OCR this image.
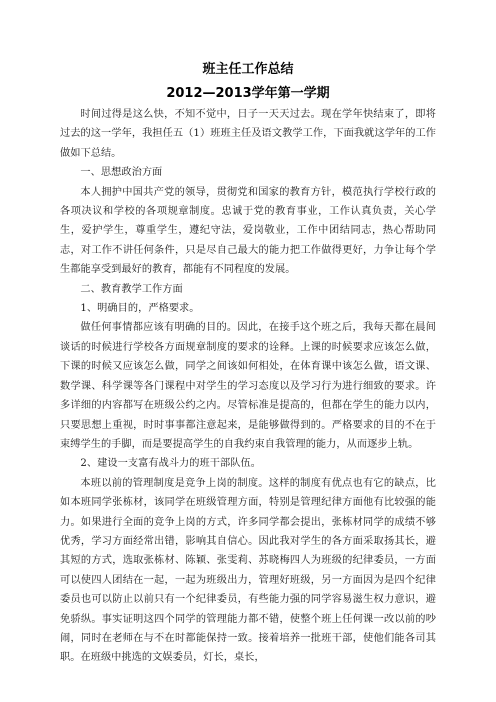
班主任工作总结
2012—2013学年第一学期

时间过得是这么快，不知不觉中，日子一天天过去。现在学年快结束了，即将过去的这一学年，我担任五（1）班班主任及语文教学工作，下面我就这学年的工作做如下总结。

一、思想政治方面

本人拥护中国共产党的领导，贯彻党和国家的教育方针，模范执行学校行政的各项决议和学校的各项规章制度。忠诚于党的教育事业，工作认真负责，关心学生，爱护学生，尊重学生，遵纪守法，爱岗敬业，工作中团结同志，热心帮助同志，对工作不讲任何条件，只是尽自己最大的能力把工作做得更好，力争让每个学生都能享受到最好的教育，都能有不同程度的发展。

二、教育教学工作方面

1、明确目的，严格要求。

做任何事情都应该有明确的目的。因此，在接手这个班之后，我每天都在晨间谈话的时候进行学校各方面规章制度的要求的诠释。上课的时候要求应该怎么做，下课的时候又应该怎么做，同学之间该如何相处，在体育课中该怎么做，语文课、数学课、科学课等各门课程中对学生的学习态度以及学习行为进行细致的要求。许多详细的内容都写在班级公约之内。尽管标准是提高的，但都在学生的能力以内，只要思想上重视，时时事事都注意起来，是能够做得到的。严格要求的目的不在于束缚学生的手脚，而是要提高学生的自我约束自我管理的能力，从而逐步上轨。

2、建设一支富有战斗力的班干部队伍。

本班以前的管理制度是竞争上岗的制度。这样的制度有优点也有它的缺点，比如本班同学张栋材，该同学在班级管理方面，特别是管理纪律方面他有比较强的能力。如果进行全面的竞争上岗的方式，许多同学都会提出，张栋材同学的成绩不够优秀，学习方面经常出错，影响其自信心。因此我对学生的各方面采取扬其长，避其短的方式，选取张栋材、陈颖、张雯莉、苏晓梅四人为班级的纪律委员，一方面可以使四人团结在一起，一起为班级出力，管理好班级，另一方面因为是四个纪律委员也可以防止以前只有一个纪律委员，有些能力强的同学容易滋生权力意识，避免骄纵。事实证明这四个同学的管理能力都不错，使整个班上任何课一改以前的吵闹，同时在老师在与不在时都能保持一致。接着培养一批班干部，使他们能各司其职。在班级中挑选的文娱委员，灯长，桌长，
